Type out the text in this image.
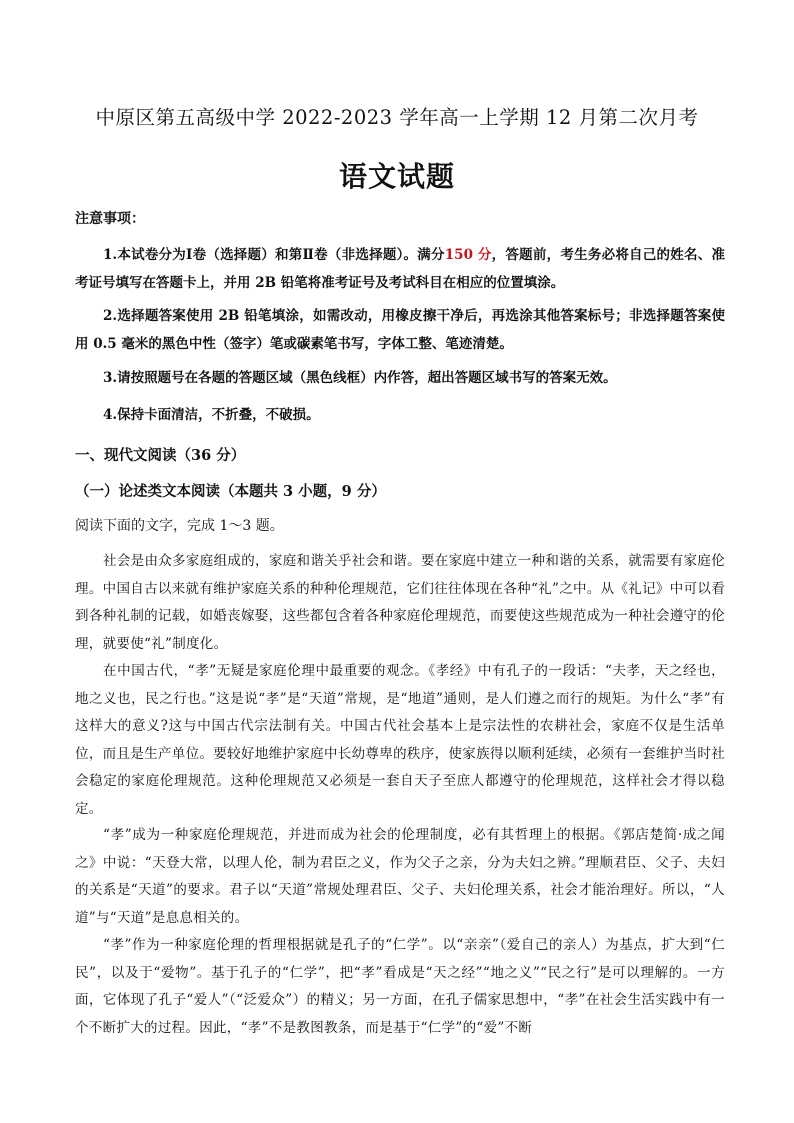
中原区第五高级中学 2022-2023 学年高一上学期 12 月第二次月考
语文试题
注意事项：
1.本试卷分为Ⅰ卷（选择题）和第Ⅱ卷（非选择题）。满分150 分，答题前，考生务必将自己的姓名、准考证号填写在答题卡上，并用 2B 铅笔将准考证号及考试科目在相应的位置填涂。
2.选择题答案使用 2B 铅笔填涂，如需改动，用橡皮擦干净后，再选涂其他答案标号；非选择题答案使用 0.5 毫米的黑色中性（签字）笔或碳素笔书写，字体工整、笔迹清楚。
3.请按照题号在各题的答题区域（黑色线框）内作答，超出答题区域书写的答案无效。
4.保持卡面清洁，不折叠，不破损。
一、现代文阅读（36 分）
（一）论述类文本阅读（本题共 3 小题，9 分）
阅读下面的文字，完成 1～3 题。
社会是由众多家庭组成的，家庭和谐关乎社会和谐。要在家庭中建立一种和谐的关系，就需要有家庭伦理。中国自古以来就有维护家庭关系的种种伦理规范，它们往往体现在各种“礼”之中。从《礼记》中可以看到各种礼制的记载，如婚丧嫁娶，这些都包含着各种家庭伦理规范，而要使这些规范成为一种社会遵守的伦理，就要使“礼”制度化。
在中国古代，“孝”无疑是家庭伦理中最重要的观念。《孝经》中有孔子的一段话：“夫孝，天之经也，地之义也，民之行也。”这是说“孝”是“天道”常规，是“地道”通则，是人们遵之而行的规矩。为什么“孝”有这样大的意义?这与中国古代宗法制有关。中国古代社会基本上是宗法性的农耕社会，家庭不仅是生活单位，而且是生产单位。要较好地维护家庭中长幼尊卑的秩序，使家族得以顺利延续，必须有一套维护当时社会稳定的家庭伦理规范。这种伦理规范又必须是一套自天子至庶人都遵守的伦理规范，这样社会才得以稳定。
“孝”成为一种家庭伦理规范，并进而成为社会的伦理制度，必有其哲理上的根据。《郭店楚简·成之闻之》中说：“天登大常，以理人伦，制为君臣之义，作为父子之亲，分为夫妇之辨。”理顺君臣、父子、夫妇的关系是“天道”的要求。君子以“天道”常规处理君臣、父子、夫妇伦理关系，社会才能治理好。所以，“人道”与“天道”是息息相关的。
“孝”作为一种家庭伦理的哲理根据就是孔子的“仁学”。以“亲亲”（爱自己的亲人）为基点，扩大到“仁民”，以及于“爱物”。基于孔子的“仁学”，把“孝”看成是“天之经”“地之义”“民之行”是可以理解的。一方面，它体现了孔子“爱人”（“泛爱众”）的精义；另一方面，在孔子儒家思想中，“孝”在社会生活实践中有一个不断扩大的过程。因此，“孝”不是教图教条，而是基于“仁学”的“爱”不断
